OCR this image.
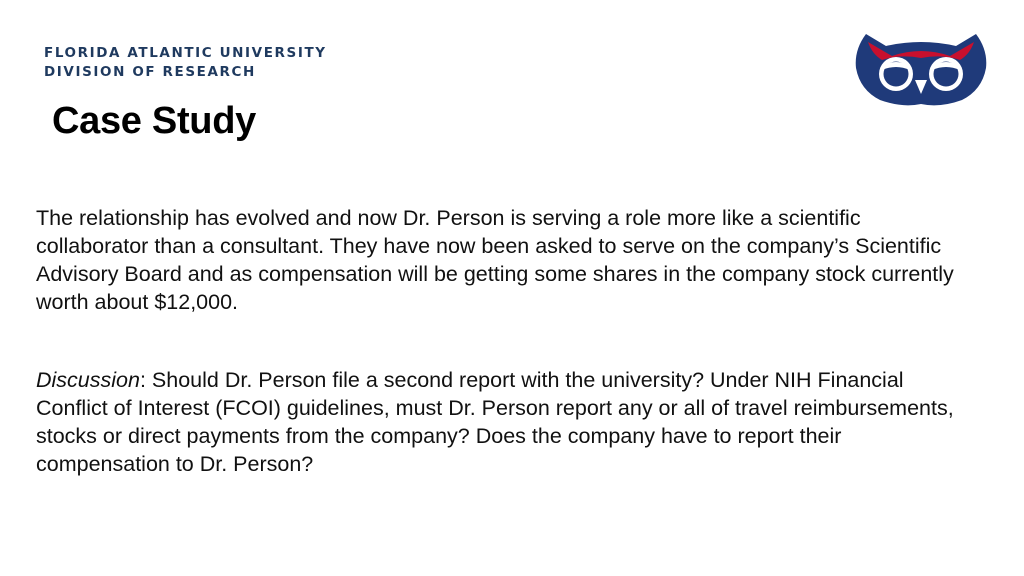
FLORIDA ATLANTIC UNIVERSITY
DIVISION OF RESEARCH
Case Study

The relationship has evolved and now Dr. Person is serving a role more like a scientific collaborator than a consultant. They have now been asked to serve on the company’s Scientific Advisory Board and as compensation will be getting some shares in the company stock currently worth about $12,000.

Discussion: Should Dr. Person file a second report with the university? Under NIH Financial Conflict of Interest (FCOI) guidelines, must Dr. Person report any or all of travel reimbursements, stocks or direct payments from the company? Does the company have to report their compensation to Dr. Person?
